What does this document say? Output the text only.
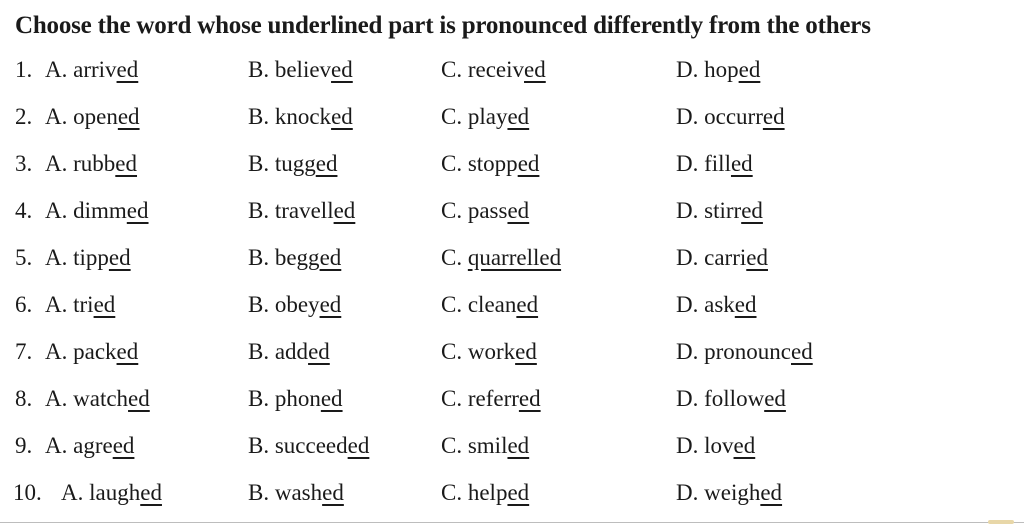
Choose the word whose underlined part is pronounced differently from the others
1. A. arrived	B. believed	C. received	D. hoped
2. A. opened	B. knocked	C. played	D. occurred
3. A. rubbed	B. tugged	C. stopped	D. filled
4. A. dimmed	B. travelled	C. passed	D. stirred
5. A. tipped	B. begged	C. quarrelled	D. carried
6. A. tried	B. obeyed	C. cleaned	D. asked
7. A. packed	B. added	C. worked	D. pronounced
8. A. watched	B. phoned	C. referred	D. followed
9. A. agreed	B. succeeded	C. smiled	D. loved
10. A. laughed	B. washed	C. helped	D. weighed
